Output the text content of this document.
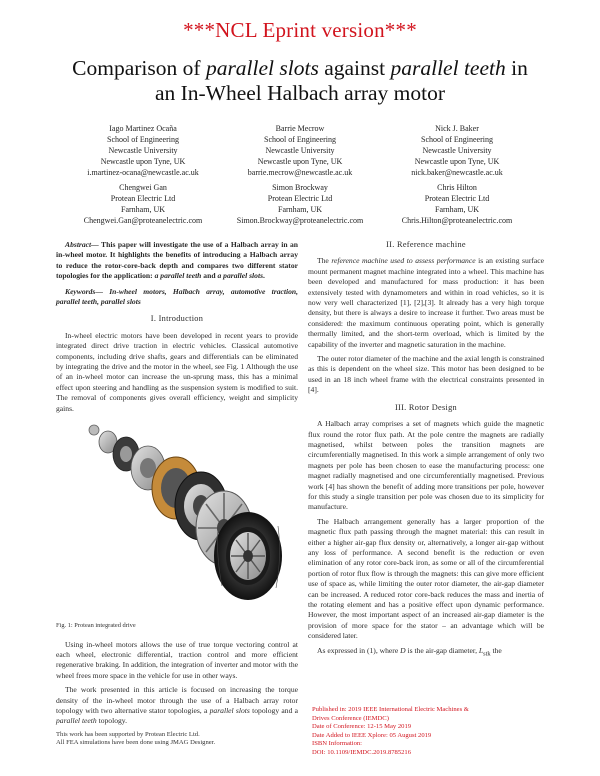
***NCL Eprint version***
Comparison of parallel slots against parallel teeth in
an In-Wheel Halbach array motor
Iago Martinez Ocaña
School of Engineering
Newcastle University
Newcastle upon Tyne, UK
i.martinez-ocana@newcastle.ac.uk
Barrie Mecrow
School of Engineering
Newcastle University
Newcastle upon Tyne, UK
barrie.mecrow@newcastle.ac.uk
Nick J. Baker
School of Engineering
Newcastle University
Newcastle upon Tyne, UK
nick.baker@newcastle.ac.uk
Chengwei Gan
Protean Electric Ltd
Farnham, UK
Chengwei.Gan@proteanelectric.com
Simon Brockway
Protean Electric Ltd
Farnham, UK
Simon.Brockway@proteanelectric.com
Chris Hilton
Protean Electric Ltd
Farnham, UK
Chris.Hilton@proteanelectric.com
Abstract— This paper will investigate the use of a Halbach array in an in-wheel motor. It highlights the benefits of introducing a Halbach array to reduce the rotor-core-back depth and compares two different stator topologies for the application: a parallel teeth and a parallel slots.
Keywords— In-wheel motors, Halbach array, automotive traction, parallel teeth, parallel slots
I. Introduction

In-wheel electric motors have been developed in recent years to provide integrated direct drive traction in electric vehicles. Classical automotive components, including drive shafts, gears and differentials can be eliminated by integrating the drive and the motor in the wheel, see Fig. 1 Although the use of an in-wheel motor can increase the un-sprung mass, this has a minimal effect upon steering and handling as the suspension system is modified to suit. The removal of components gives overall efficiency, weight and simplicity gains.

Fig. 1: Protean integrated drive

Using in-wheel motors allows the use of true torque vectoring control at each wheel, electronic differential, traction control and more efficient regenerative braking. In addition, the integration of inverter and motor with the wheel frees more space in the vehicle for use in other ways.

The work presented in this article is focused on increasing the torque density of the in-wheel motor through the use of a Halbach array rotor topology with two alternative stator topologies, a parallel slots topology and a parallel teeth topology.

This work has been supported by Protean Electric Ltd.
All FEA simulations have been done using JMAG Designer.
II. Reference machine

The reference machine used to assess performance is an existing surface mount permanent magnet machine integrated into a wheel. This machine has been developed and manufactured for mass production: it has been extensively tested with dynamometers and within in road vehicles, so it is now very well characterized [1], [2],[3]. It already has a very high torque density, but there is always a desire to increase it further. Two areas must be considered: the maximum continuous operating point, which is generally thermally limited, and the short-term overload, which is limited by the capability of the inverter and magnetic saturation in the machine.

The outer rotor diameter of the machine and the axial length is constrained as this is dependent on the wheel size. This motor has been designed to be used in an 18 inch wheel frame with the electrical constraints presented in [4].

III. Rotor Design

A Halbach array comprises a set of magnets which guide the magnetic flux round the rotor flux path. At the pole centre the magnets are radially magnetised, whilst between poles the transition magnets are circumferentially magnetised. In this work a simple arrangement of only two magnets per pole has been chosen to ease the manufacturing process: one magnet radially magnetised and one circumferentially magnetised. Previous work [4] has shown the benefit of adding more transitions per pole, however for this study a single transition per pole was chosen due to its simplicity for manufacture.

The Halbach arrangement generally has a larger proportion of the magnetic flux path passing through the magnet material: this can result in either a higher air-gap flux density or, alternatively, a longer air-gap without any loss of performance. A second benefit is the reduction or even elimination of any rotor core-back iron, as some or all of the circumferential portion of rotor flux flow is through the magnets: this can give more efficient use of space as, while limiting the outer rotor diameter, the air-gap diameter can be increased. A reduced rotor core-back reduces the mass and inertia of the rotating element and has a positive effect upon dynamic performance. However, the most important aspect of an increased air-gap diameter is the provision of more space for the stator – an advantage which will be considered later.

As expressed in (1), where D is the air-gap diameter, $L_{stk}$ the

Published in: 2019 IEEE International Electric Machines &
Drives Conference (IEMDC)
Date of Conference: 12-15 May 2019
Date Added to IEEE Xplore: 05 August 2019
ISBN Information:
DOI: 10.1109/IEMDC.2019.8785216
